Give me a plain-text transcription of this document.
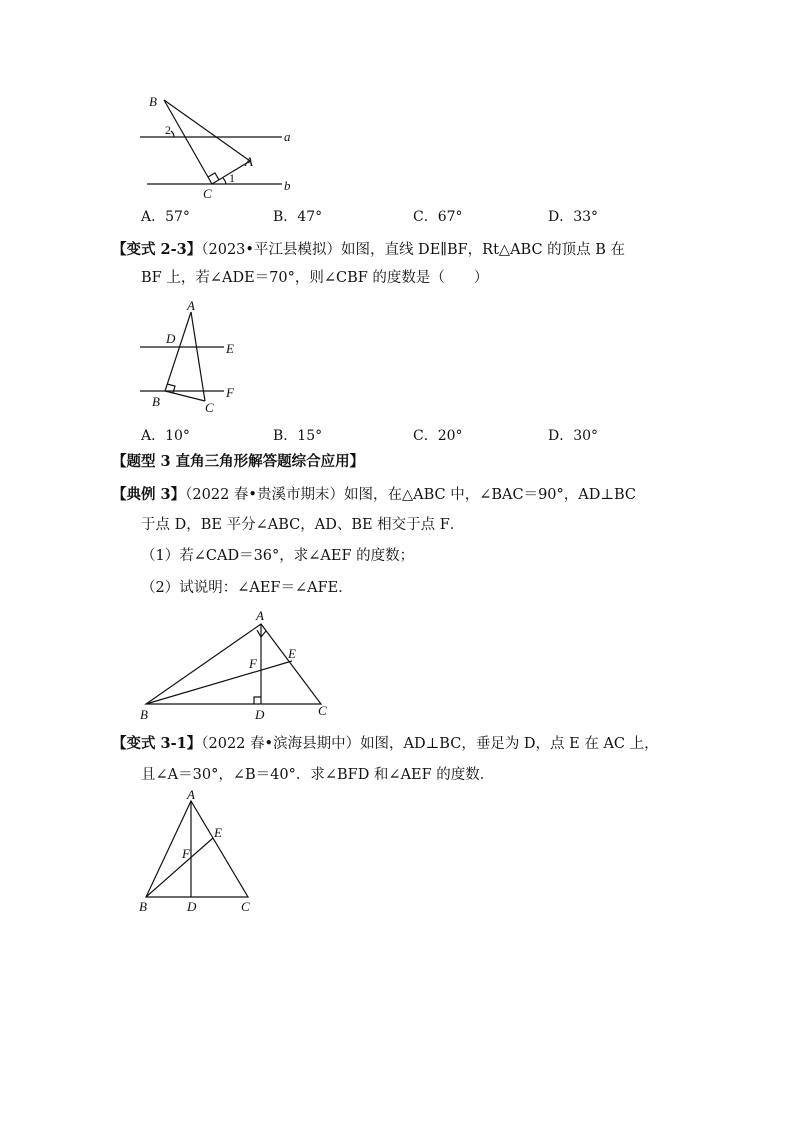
B
a
2
A
1
C
b
A．57°	B．47°	C．67°	D．33°
【变式 2-3】（2023•平江县模拟）如图，直线 DE∥BF，Rt△ABC 的顶点 B 在
BF 上，若∠ADE＝70°，则∠CBF 的度数是（　　）
A
D
E
F
B	C
A．10°	B．15°	C．20°	D．30°
【题型 3 直角三角形解答题综合应用】
【典例 3】（2022 春•贵溪市期末）如图，在△ABC 中，∠BAC＝90°，AD⊥BC
于点 D，BE 平分∠ABC，AD、BE 相交于点 F．
（1）若∠CAD＝36°，求∠AEF 的度数；
（2）试说明：∠AEF＝∠AFE．
A
E
F
B	D	C
【变式 3-1】（2022 春•滨海县期中）如图，AD⊥BC，垂足为 D，点 E 在 AC 上，
且∠A＝30°，∠B＝40°．求∠BFD 和∠AEF 的度数．
A
E
F
B	D	C
